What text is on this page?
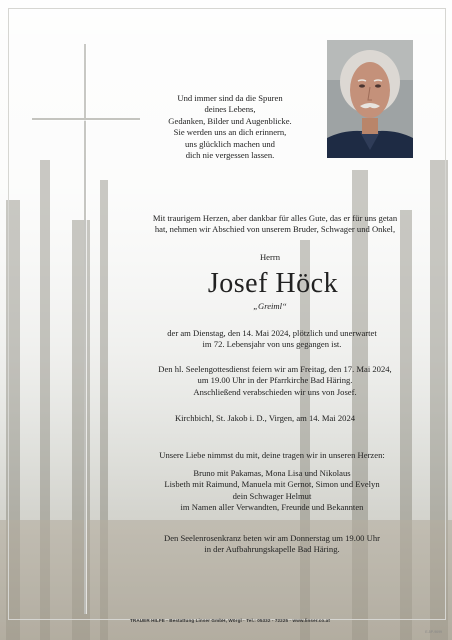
Und immer sind da die Spuren
deines Lebens,
Gedanken, Bilder und Augenblicke.
Sie werden uns an dich erinnern,
uns glücklich machen und
dich nie vergessen lassen.
Mit traurigem Herzen, aber dankbar für alles Gute, das er für uns getan
hat, nehmen wir Abschied von unserem Bruder, Schwager und Onkel,
Herrn
Josef Höck
„Greiml“
der am Dienstag, den 14. Mai 2024, plötzlich und unerwartet
im 72. Lebensjahr von uns gegangen ist.
Den hl. Seelengottesdienst feiern wir am Freitag, den 17. Mai 2024,
um 19.00 Uhr in der Pfarrkirche Bad Häring.
Anschließend verabschieden wir uns von Josef.
Kirchbichl, St. Jakob i. D., Virgen, am 14. Mai 2024
Unsere Liebe nimmst du mit, deine tragen wir in unseren Herzen:
Bruno mit Pakamas, Mona Lisa und Nikolaus
Lisbeth mit Raimund, Manuela mit Gernot, Simon und Evelyn
dein Schwager Helmut
im Namen aller Verwandten, Freunde und Bekannten
Den Seelenrosenkranz beten wir am Donnerstag um 19.00 Uhr
in der Aufbahrungskapelle Bad Häring.
TRAUER HILFE - Bestattung Linser GmbH, Wörgl · Tel.: 05332 - 72225 · www.linser.co.at
E-5P-9699
